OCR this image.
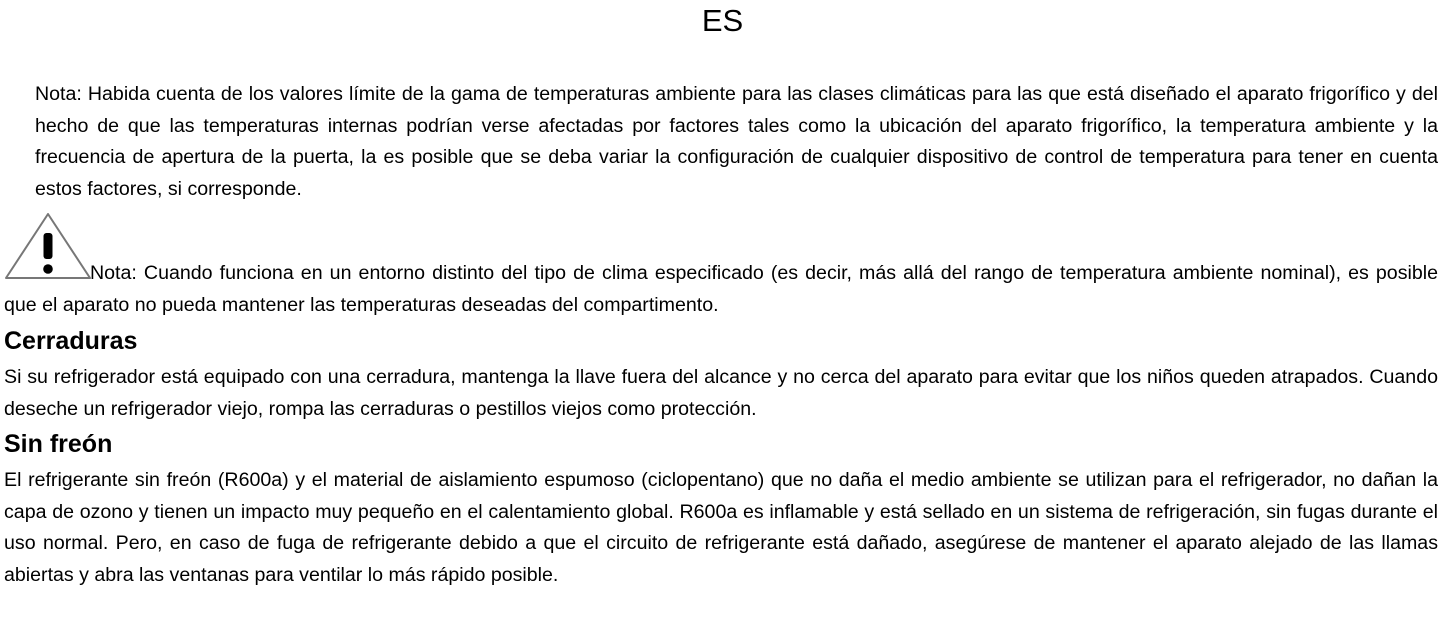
ES

Nota: Habida cuenta de los valores límite de la gama de temperaturas ambiente para las clases climáticas para las que está diseñado el aparato frigorífico y del hecho de que las temperaturas internas podrían verse afectadas por factores tales como la ubicación del aparato frigorífico, la temperatura ambiente y la frecuencia de apertura de la puerta, la es posible que se deba variar la configuración de cualquier dispositivo de control de temperatura para tener en cuenta estos factores, si corresponde.

Nota: Cuando funciona en un entorno distinto del tipo de clima especificado (es decir, más allá del rango de temperatura ambiente nominal), es posible que el aparato no pueda mantener las temperaturas deseadas del compartimento.

Cerraduras

Si su refrigerador está equipado con una cerradura, mantenga la llave fuera del alcance y no cerca del aparato para evitar que los niños queden atrapados. Cuando deseche un refrigerador viejo, rompa las cerraduras o pestillos viejos como protección.

Sin freón

El refrigerante sin freón (R600a) y el material de aislamiento espumoso (ciclopentano) que no daña el medio ambiente se utilizan para el refrigerador, no dañan la capa de ozono y tienen un impacto muy pequeño en el calentamiento global. R600a es inflamable y está sellado en un sistema de refrigeración, sin fugas durante el uso normal. Pero, en caso de fuga de refrigerante debido a que el circuito de refrigerante está dañado, asegúrese de mantener el aparato alejado de las llamas abiertas y abra las ventanas para ventilar lo más rápido posible.
